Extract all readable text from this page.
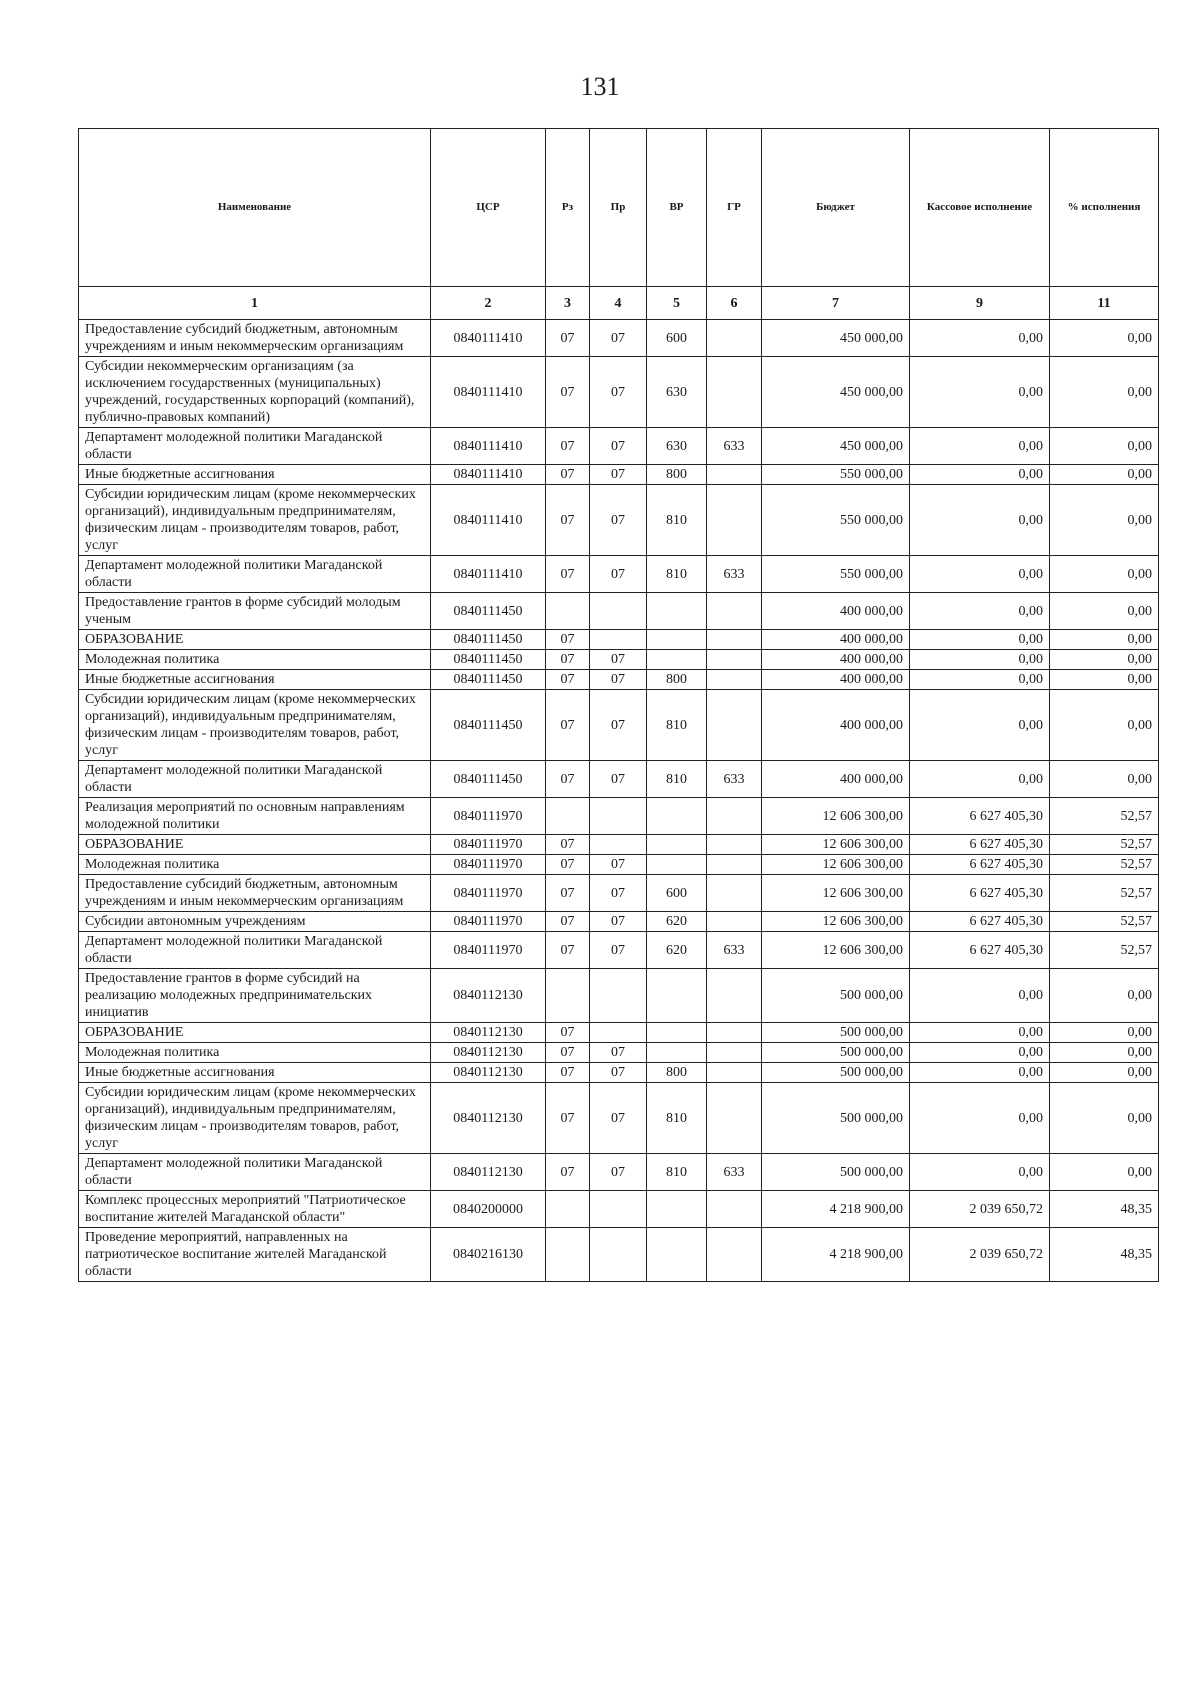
131
Наименование	ЦСР	Рз	Пр	ВР	ГР	Бюджет	Кассовое исполнение	% исполнения
1	2	3	4	5	6	7	9	11
Предоставление субсидий бюджетным, автономным учреждениям и иным некоммерческим организациям	0840111410	07	07	600		450 000,00	0,00	0,00
Субсидии некоммерческим организациям (за исключением государственных (муниципальных) учреждений, государственных корпораций (компаний), публично-правовых компаний)	0840111410	07	07	630		450 000,00	0,00	0,00
Департамент молодежной политики Магаданской области	0840111410	07	07	630	633	450 000,00	0,00	0,00
Иные бюджетные ассигнования	0840111410	07	07	800		550 000,00	0,00	0,00
Субсидии юридическим лицам (кроме некоммерческих организаций), индивидуальным предпринимателям, физическим лицам - производителям товаров, работ, услуг	0840111410	07	07	810		550 000,00	0,00	0,00
Департамент молодежной политики Магаданской области	0840111410	07	07	810	633	550 000,00	0,00	0,00
Предоставление грантов в форме субсидий молодым ученым	0840111450					400 000,00	0,00	0,00
ОБРАЗОВАНИЕ	0840111450	07				400 000,00	0,00	0,00
Молодежная политика	0840111450	07	07			400 000,00	0,00	0,00
Иные бюджетные ассигнования	0840111450	07	07	800		400 000,00	0,00	0,00
Субсидии юридическим лицам (кроме некоммерческих организаций), индивидуальным предпринимателям, физическим лицам - производителям товаров, работ, услуг	0840111450	07	07	810		400 000,00	0,00	0,00
Департамент молодежной политики Магаданской области	0840111450	07	07	810	633	400 000,00	0,00	0,00
Реализация мероприятий по основным направлениям молодежной политики	0840111970					12 606 300,00	6 627 405,30	52,57
ОБРАЗОВАНИЕ	0840111970	07				12 606 300,00	6 627 405,30	52,57
Молодежная политика	0840111970	07	07			12 606 300,00	6 627 405,30	52,57
Предоставление субсидий бюджетным, автономным учреждениям и иным некоммерческим организациям	0840111970	07	07	600		12 606 300,00	6 627 405,30	52,57
Субсидии автономным учреждениям	0840111970	07	07	620		12 606 300,00	6 627 405,30	52,57
Департамент молодежной политики Магаданской области	0840111970	07	07	620	633	12 606 300,00	6 627 405,30	52,57
Предоставление грантов в форме субсидий на реализацию молодежных предпринимательских инициатив	0840112130					500 000,00	0,00	0,00
ОБРАЗОВАНИЕ	0840112130	07				500 000,00	0,00	0,00
Молодежная политика	0840112130	07	07			500 000,00	0,00	0,00
Иные бюджетные ассигнования	0840112130	07	07	800		500 000,00	0,00	0,00
Субсидии юридическим лицам (кроме некоммерческих организаций), индивидуальным предпринимателям, физическим лицам - производителям товаров, работ, услуг	0840112130	07	07	810		500 000,00	0,00	0,00
Департамент молодежной политики Магаданской области	0840112130	07	07	810	633	500 000,00	0,00	0,00
Комплекс процессных мероприятий "Патриотическое воспитание жителей Магаданской области"	0840200000					4 218 900,00	2 039 650,72	48,35
Проведение мероприятий, направленных на патриотическое воспитание жителей Магаданской области	0840216130					4 218 900,00	2 039 650,72	48,35
